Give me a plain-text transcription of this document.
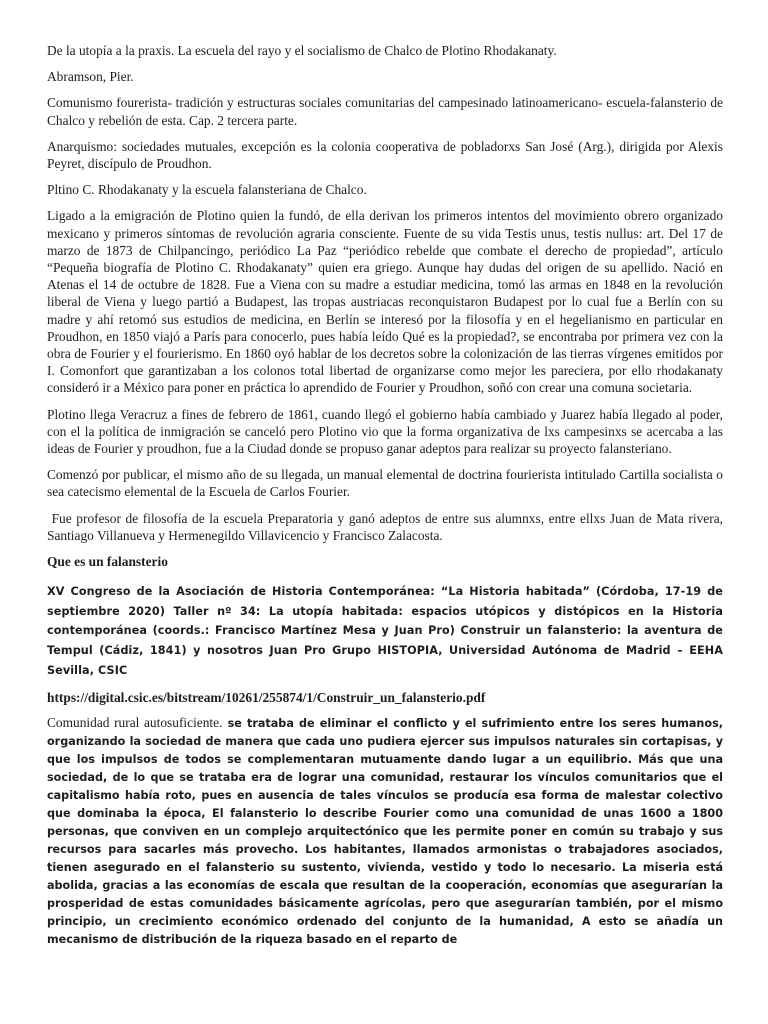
De la utopía a la praxis. La escuela del rayo y el socialismo de Chalco de Plotino Rhodakanaty.

Abramson, Pier.

Comunismo fourerista- tradición y estructuras sociales comunitarias del campesinado latinoamericano- escuela-falansterio de Chalco y rebelión de esta. Cap. 2 tercera parte.

Anarquismo: sociedades mutuales, excepción es la colonia cooperativa de pobladorxs San José (Arg.), dirigida por Alexis Peyret, discípulo de Proudhon.

Pltino C. Rhodakanaty y la escuela falansteriana de Chalco.

Ligado a la emigración de Plotino quien la fundó, de ella derivan los primeros intentos del movimiento obrero organizado mexicano y primeros síntomas de revolución agraria consciente. Fuente de su vida Testis unus, testis nullus: art. Del 17 de marzo de 1873 de Chilpancingo, periódico La Paz “periódico rebelde que combate el derecho de propiedad”, artículo “Pequeña biografía de Plotino C. Rhodakanaty” quien era griego. Aunque hay dudas del origen de su apellido. Nació en Atenas el 14 de octubre de 1828. Fue a Viena con su madre a estudiar medicina, tomó las armas en 1848 en la revolución liberal de Viena y luego partió a Budapest, las tropas austriacas reconquistaron Budapest por lo cual fue a Berlín con su madre y ahí retomó sus estudios de medicina, en Berlín se interesó por la filosofía y en el hegelianismo en particular en Proudhon, en 1850 viajó a París para conocerlo, pues había leído Qué es la propiedad?, se encontraba por primera vez con la obra de Fourier y el fourierismo. En 1860 oyó hablar de los decretos sobre la colonización de las tierras vírgenes emitidos por I. Comonfort que garantizaban a los colonos total libertad de organizarse como mejor les pareciera, por ello rhodakanaty consideró ir a México para poner en práctica lo aprendido de Fourier y Proudhon, soñó con crear una comuna societaria.

Plotino llega Veracruz a fines de febrero de 1861, cuando llegó el gobierno había cambiado y Juarez había llegado al poder, con el la política de inmigración se canceló pero Plotino vio que la forma organizativa de lxs campesinxs se acercaba a las ideas de Fourier y proudhon, fue a la Ciudad donde se propuso ganar adeptos para realizar su proyecto falansteriano.

Comenzó por publicar, el mismo año de su llegada, un manual elemental de doctrina fourierista intitulado Cartilla socialista o sea catecismo elemental de la Escuela de Carlos Fourier.

Fue profesor de filosofía de la escuela Preparatoria y ganó adeptos de entre sus alumnxs, entre ellxs Juan de Mata rivera, Santiago Villanueva y Hermenegildo Villavicencio y Francisco Zalacosta.

Que es un falansterio

XV Congreso de la Asociación de Historia Contemporánea: “La Historia habitada” (Córdoba, 17-19 de septiembre 2020) Taller nº 34: La utopía habitada: espacios utópicos y distópicos en la Historia contemporánea (coords.: Francisco Martínez Mesa y Juan Pro) Construir un falansterio: la aventura de Tempul (Cádiz, 1841) y nosotros Juan Pro Grupo HISTOPIA, Universidad Autónoma de Madrid – EEHA Sevilla, CSIC

https://digital.csic.es/bitstream/10261/255874/1/Construir_un_falansterio.pdf

Comunidad rural autosuficiente. se trataba de eliminar el conflicto y el sufrimiento entre los seres humanos, organizando la sociedad de manera que cada uno pudiera ejercer sus impulsos naturales sin cortapisas, y que los impulsos de todos se complementaran mutuamente dando lugar a un equilibrio. Más que una sociedad, de lo que se trataba era de lograr una comunidad, restaurar los vínculos comunitarios que el capitalismo había roto, pues en ausencia de tales vínculos se producía esa forma de malestar colectivo que dominaba la época, El falansterio lo describe Fourier como una comunidad de unas 1600 a 1800 personas, que conviven en un complejo arquitectónico que les permite poner en común su trabajo y sus recursos para sacarles más provecho. Los habitantes, llamados armonistas o trabajadores asociados, tienen asegurado en el falansterio su sustento, vivienda, vestido y todo lo necesario. La miseria está abolida, gracias a las economías de escala que resultan de la cooperación, economías que asegurarían la prosperidad de estas comunidades básicamente agrícolas, pero que asegurarían también, por el mismo principio, un crecimiento económico ordenado del conjunto de la humanidad, A esto se añadía un mecanismo de distribución de la riqueza basado en el reparto de
